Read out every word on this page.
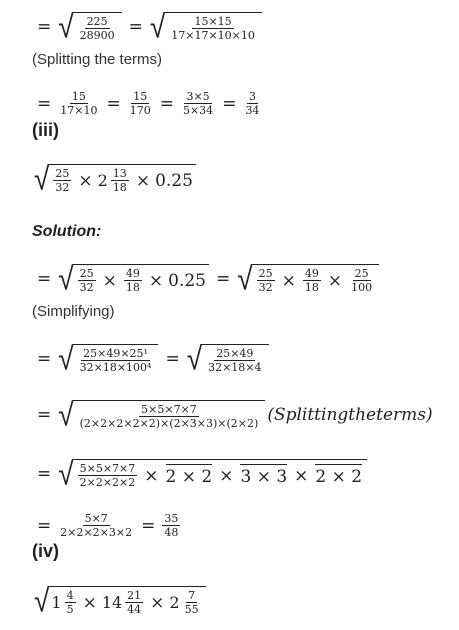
= √ $\frac{225}{28900}$ = √ $\frac{15\times 15}{17\times 17\times 10\times 10}$
(Splitting the terms)
= $\frac{15}{17\times 10} = \frac{15}{170} = \frac{3\times 5}{5\times 34} = \frac{3}{34}$
(iii)
√ $\frac{25}{32} \times 2 \frac{13}{18} \times 0.25$
Solution:
= √ $\frac{25}{32} \times \frac{49}{18} \times 0.25$ = √ $\frac{25}{32} \times \frac{49}{18} \times \frac{25}{100}$
(Simplifying)
= √ $\frac{\text{25×49×25¹}}{\text{32×18×100⁴}}$ = √ $\frac{25\times 49}{32\times 18\times 4}$
= √ $\frac{5\times 5\times 7\times 7}{(2\times 2\times 2\times 2\times 2)\times(2\times 3\times 3)\times(2\times 2)}$ (Splittingtheterms)
= √ $\frac{5\times 5\times 7\times 7}{2\times 2\times 2\times 2} \times 2 \times 2 \times 3 \times 3 \times 2 \times 2$
= $\frac{5\times 7}{2\times 2\times 2\times 3\times 2} = \frac{35}{48}$
(iv)
√ $1 \frac{4}{5} \times 14 \frac{21}{44} \times 2 \frac{7}{55}$
